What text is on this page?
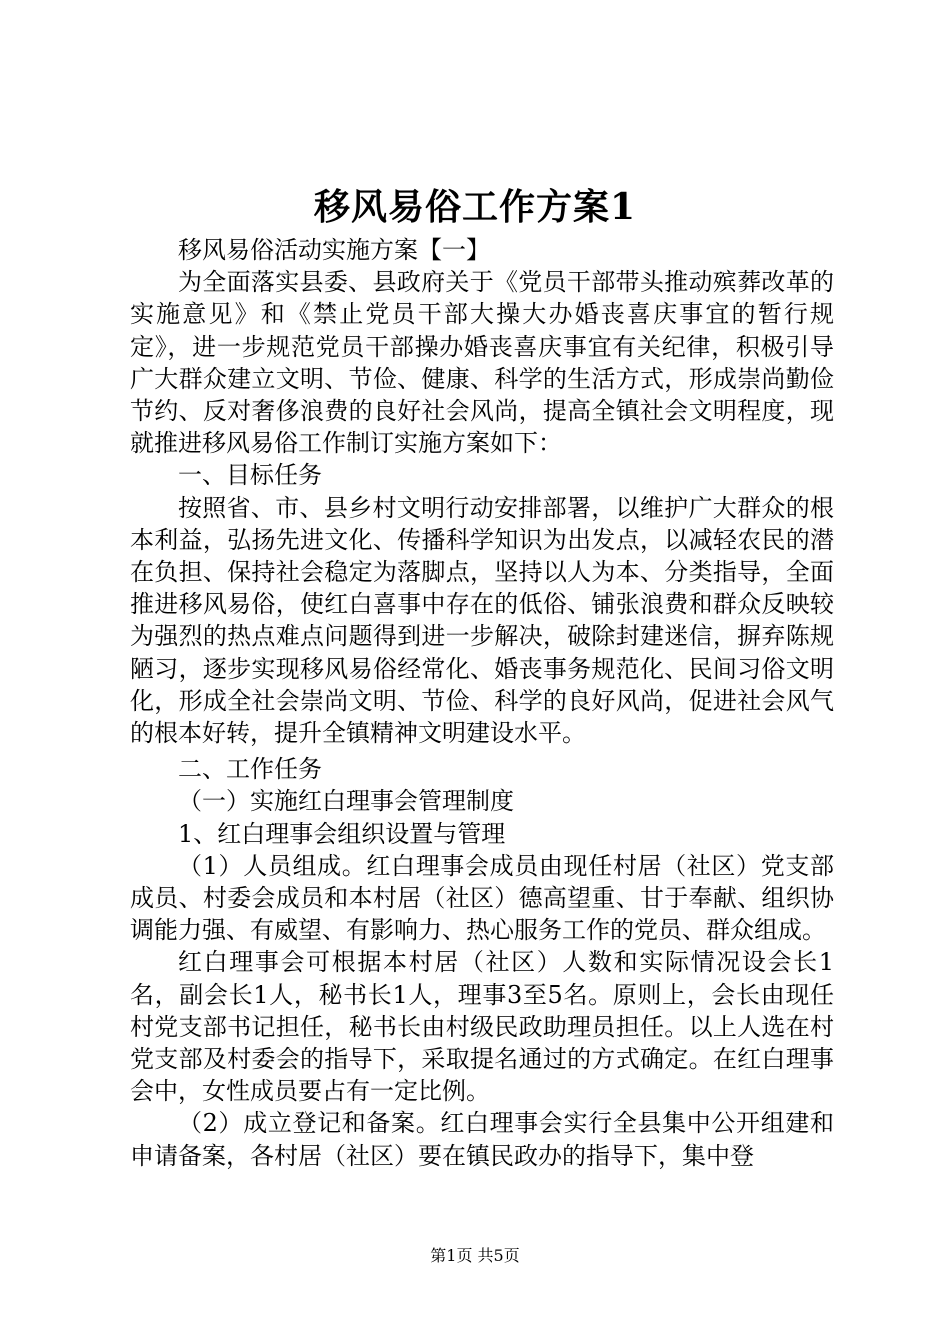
移风易俗工作方案1

移风易俗活动实施方案【一】

为全面落实县委、县政府关于《党员干部带头推动殡葬改革的实施意见》和《禁止党员干部大操大办婚丧喜庆事宜的暂行规定》，进一步规范党员干部操办婚丧喜庆事宜有关纪律，积极引导广大群众建立文明、节俭、健康、科学的生活方式，形成崇尚勤俭节约、反对奢侈浪费的良好社会风尚，提高全镇社会文明程度，现就推进移风易俗工作制订实施方案如下：

一、目标任务

按照省、市、县乡村文明行动安排部署，以维护广大群众的根本利益，弘扬先进文化、传播科学知识为出发点，以减轻农民的潜在负担、保持社会稳定为落脚点，坚持以人为本、分类指导，全面推进移风易俗，使红白喜事中存在的低俗、铺张浪费和群众反映较为强烈的热点难点问题得到进一步解决，破除封建迷信，摒弃陈规陋习，逐步实现移风易俗经常化、婚丧事务规范化、民间习俗文明化，形成全社会崇尚文明、节俭、科学的良好风尚，促进社会风气的根本好转，提升全镇精神文明建设水平。

二、工作任务

（一）实施红白理事会管理制度

1、红白理事会组织设置与管理

（1）人员组成。红白理事会成员由现任村居（社区）党支部成员、村委会成员和本村居（社区）德高望重、甘于奉献、组织协调能力强、有威望、有影响力、热心服务工作的党员、群众组成。

红白理事会可根据本村居（社区）人数和实际情况设会长1名，副会长1人，秘书长1人，理事3至5名。原则上，会长由现任村党支部书记担任，秘书长由村级民政助理员担任。以上人选在村党支部及村委会的指导下，采取提名通过的方式确定。在红白理事会中，女性成员要占有一定比例。

（2）成立登记和备案。红白理事会实行全县集中公开组建和申请备案，各村居（社区）要在镇民政办的指导下，集中登

第1页 共5页
